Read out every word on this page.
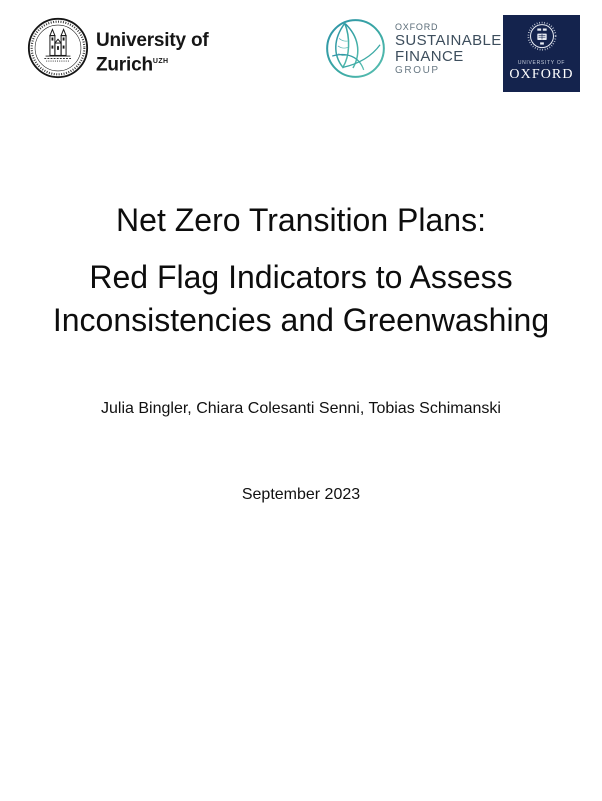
University of
Zurich$^{UZH}$
OXFORD
SUSTAINABLE
FINANCE
GROUP
UNIVERSITY OF
OXFORD
Net Zero Transition Plans:
Red Flag Indicators to Assess
Inconsistencies and Greenwashing

Julia Bingler, Chiara Colesanti Senni, Tobias Schimanski

September 2023
